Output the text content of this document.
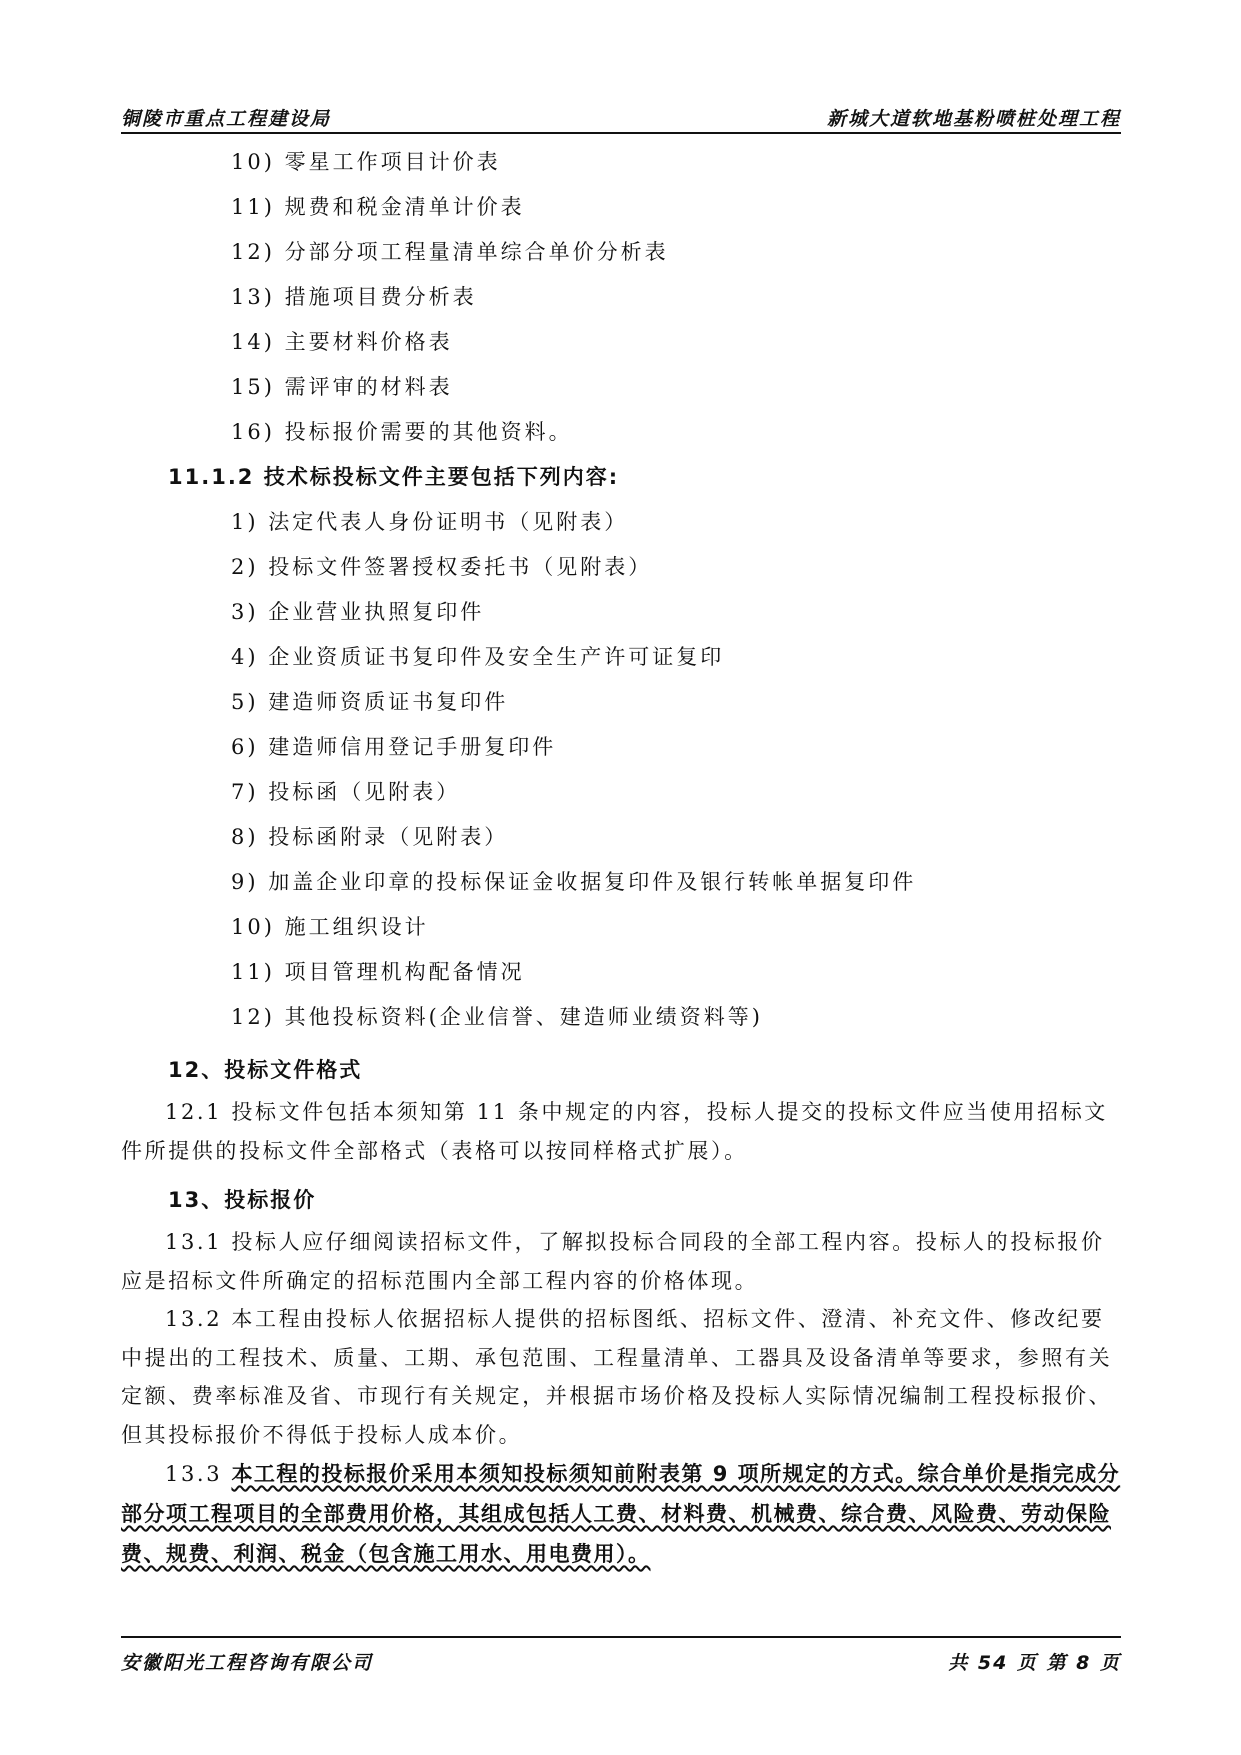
铜陵市重点工程建设局	新城大道软地基粉喷桩处理工程
10) 零星工作项目计价表
11) 规费和税金清单计价表
12) 分部分项工程量清单综合单价分析表
13) 措施项目费分析表
14) 主要材料价格表
15) 需评审的材料表
16) 投标报价需要的其他资料。
11.1.2 技术标投标文件主要包括下列内容:
1) 法定代表人身份证明书（见附表）
2) 投标文件签署授权委托书（见附表）
3) 企业营业执照复印件
4) 企业资质证书复印件及安全生产许可证复印
5) 建造师资质证书复印件
6) 建造师信用登记手册复印件
7) 投标函（见附表）
8) 投标函附录（见附表）
9) 加盖企业印章的投标保证金收据复印件及银行转帐单据复印件
10) 施工组织设计
11) 项目管理机构配备情况
12) 其他投标资料(企业信誉、建造师业绩资料等)
12、投标文件格式
12.1 投标文件包括本须知第 11 条中规定的内容，投标人提交的投标文件应当使用招标文件所提供的投标文件全部格式（表格可以按同样格式扩展）。
13、投标报价
13.1 投标人应仔细阅读招标文件，了解拟投标合同段的全部工程内容。投标人的投标报价应是招标文件所确定的招标范围内全部工程内容的价格体现。
13.2 本工程由投标人依据招标人提供的招标图纸、招标文件、澄清、补充文件、修改纪要中提出的工程技术、质量、工期、承包范围、工程量清单、工器具及设备清单等要求，参照有关定额、费率标准及省、市现行有关规定，并根据市场价格及投标人实际情况编制工程投标报价、但其投标报价不得低于投标人成本价。
13.3 本工程的投标报价采用本须知投标须知前附表第 9 项所规定的方式。综合单价是指完成分部分项工程项目的全部费用价格，其组成包括人工费、材料费、机械费、综合费、风险费、劳动保险费、规费、利润、税金（包含施工用水、用电费用）。
安徽阳光工程咨询有限公司	共 54 页 第 8 页
